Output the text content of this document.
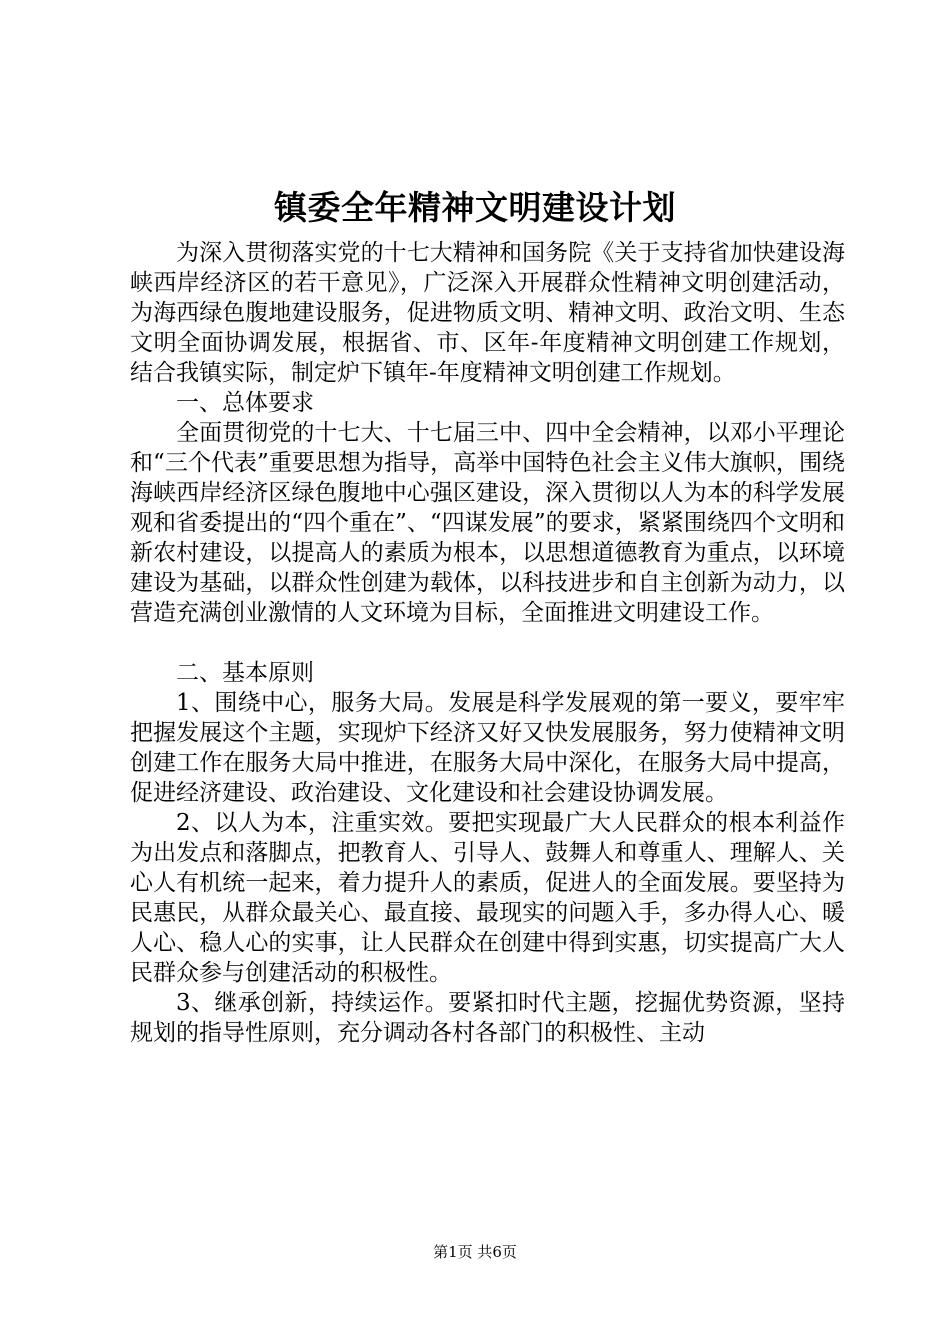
镇委全年精神文明建设计划

为深入贯彻落实党的十七大精神和国务院《关于支持省加快建设海峡西岸经济区的若干意见》，广泛深入开展群众性精神文明创建活动，为海西绿色腹地建设服务，促进物质文明、精神文明、政治文明、生态文明全面协调发展，根据省、市、区年-年度精神文明创建工作规划，结合我镇实际，制定炉下镇年-年度精神文明创建工作规划。

一、总体要求

全面贯彻党的十七大、十七届三中、四中全会精神，以邓小平理论和“三个代表”重要思想为指导，高举中国特色社会主义伟大旗帜，围绕海峡西岸经济区绿色腹地中心强区建设，深入贯彻以人为本的科学发展观和省委提出的“四个重在”、“四谋发展”的要求，紧紧围绕四个文明和新农村建设，以提高人的素质为根本，以思想道德教育为重点，以环境建设为基础，以群众性创建为载体，以科技进步和自主创新为动力，以营造充满创业激情的人文环境为目标，全面推进文明建设工作。

二、基本原则

1、围绕中心，服务大局。发展是科学发展观的第一要义，要牢牢把握发展这个主题，实现炉下经济又好又快发展服务，努力使精神文明创建工作在服务大局中推进，在服务大局中深化，在服务大局中提高，促进经济建设、政治建设、文化建设和社会建设协调发展。

2、以人为本，注重实效。要把实现最广大人民群众的根本利益作为出发点和落脚点，把教育人、引导人、鼓舞人和尊重人、理解人、关心人有机统一起来，着力提升人的素质，促进人的全面发展。要坚持为民惠民，从群众最关心、最直接、最现实的问题入手，多办得人心、暖人心、稳人心的实事，让人民群众在创建中得到实惠，切实提高广大人民群众参与创建活动的积极性。

3、继承创新，持续运作。要紧扣时代主题，挖掘优势资源，坚持规划的指导性原则，充分调动各村各部门的积极性、主动

第1页 共6页
